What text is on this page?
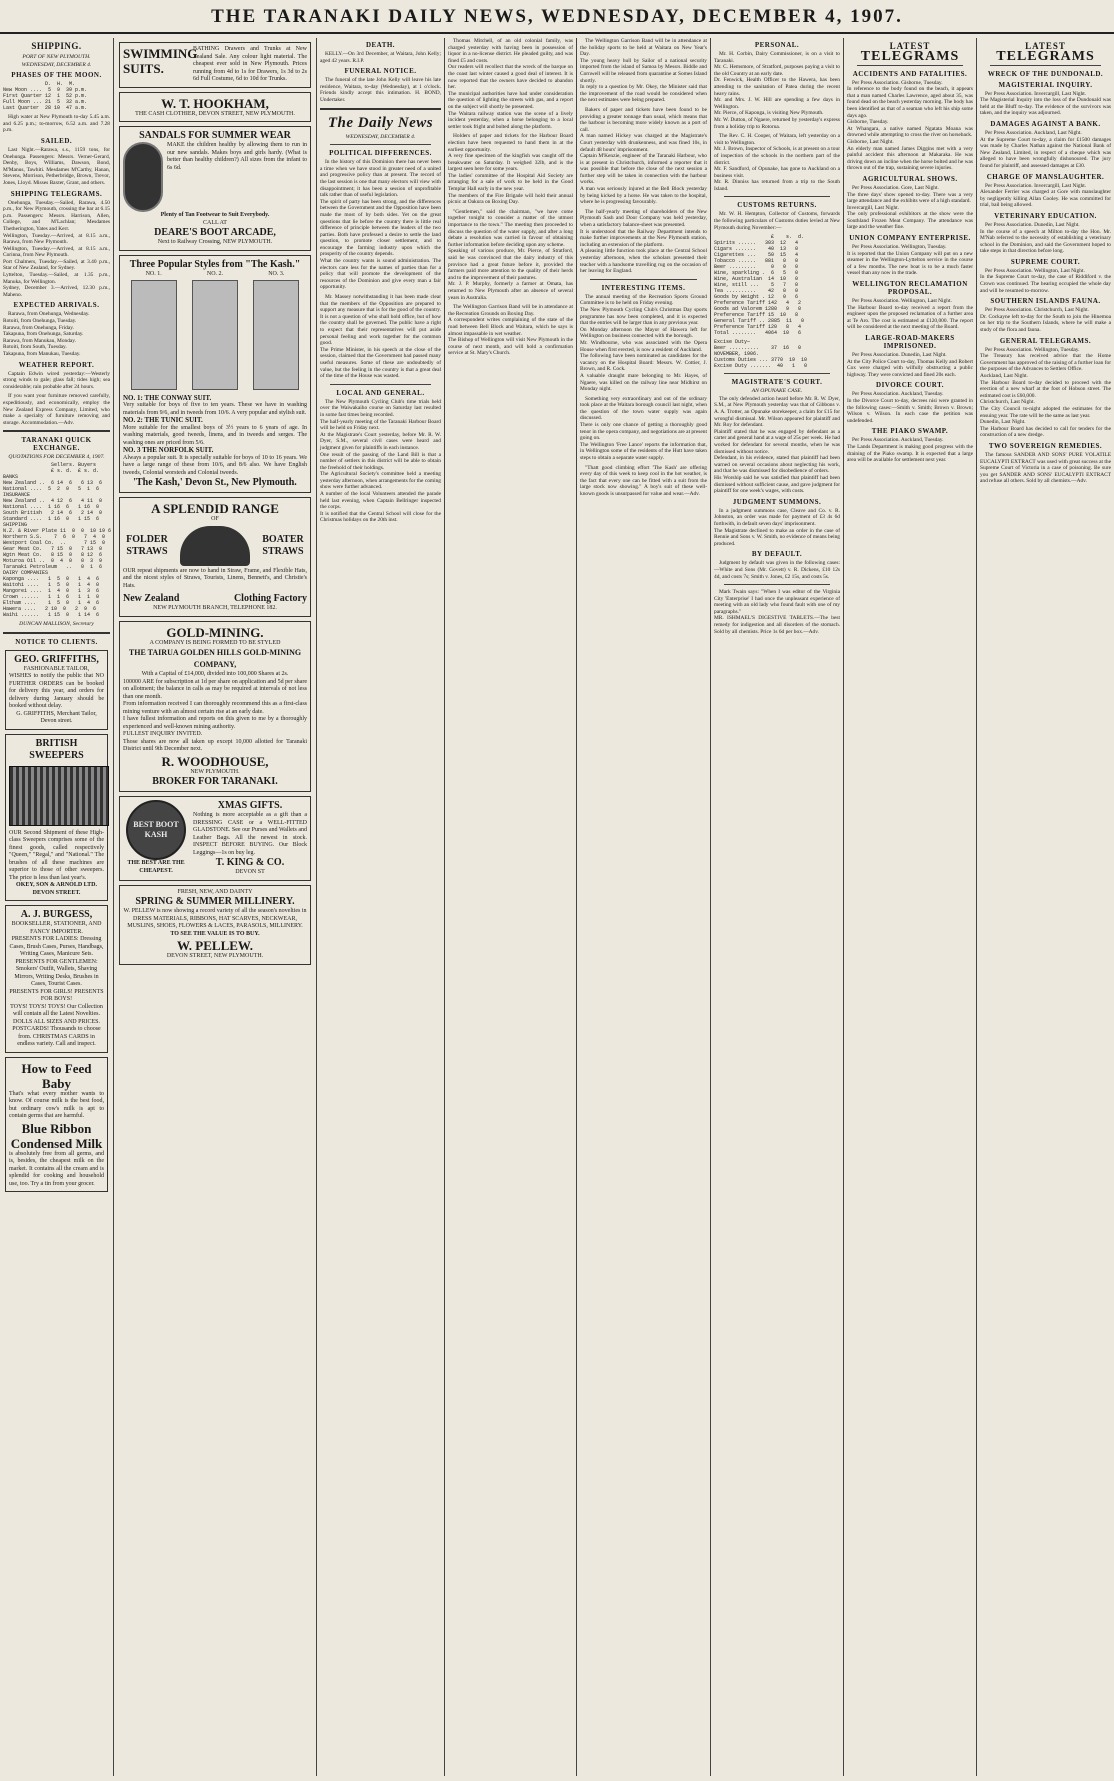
THE TARANAKI DAILY NEWS, WEDNESDAY, DECEMBER 4, 1907.
SHIPPING.
PORT OF NEW PLYMOUTH.
WEDNESDAY, DECEMBER 4.
PHASES OF THE MOON.
D.  H.  M.
New Moon ....  5  9  39 p.m.
First Quarter 12  1  52 p.m.
Full Moon ... 21  5  32 a.m.
Last Quarter  28 10  47 a.m.
High water at New Plymouth to-day 5.45 a.m. and 6.25 p.m.; to-morrow, 6.52 a.m. and 7.28 p.m.
SAILED.
Last Night.—Rarawa, s.s., 1159 tons, for Onehunga. Passengers: Messrs. Verner-Gerard, Denby, Boys, Williams, Dawson, Bond, M'Manus, Tawhiti. Mesdames M'Carthy, Hanan, Stevens, Morrison, Petherbridge, Brown, Trevor, Jones, Lloyd. Misses Baxter, Grant, and others.
SHIPPING TELEGRAMS.
Onehunga, Tuesday.—Sailed, Rarawa, 4.50 p.m., for New Plymouth, crossing the bar at 6.15 p.m. Passengers: Messrs. Harrison, Allen, College, and M'Lachlan; Mesdames Thetherington, Yates and Kerr.
Wellington, Tuesday.—Arrived, at 8.15 a.m., Rarawa, from New Plymouth.
Wellington, Tuesday.—Arrived, at 8.15 a.m., Corinna, from New Plymouth.
Port Chalmers, Tuesday.—Sailed, at 3.40 p.m., Star of New Zealand, for Sydney.
Lyttelton, Tuesday.—Sailed, at 1.35 p.m., Manuka, for Wellington.
Sydney, December 3.—Arrived, 12.30 p.m., Maheno.
EXPECTED ARRIVALS.
Rarawa, from Onehunga, Wednesday.
Rotoiti, from Onehunga, Tuesday.
Rarawa, from Onehunga, Friday.
Takapuna, from Onehunga, Saturday.
Rarawa, from Manukau, Monday.
Rotoiti, from South, Tuesday.
Takapuna, from Manukau, Tuesday.
WEATHER REPORT.
Captain Edwin wired yesterday:—Westerly strong winds to gale; glass fall; tides high; sea considerable; rain probable after 24 hours.
If you want your furniture removed carefully, expeditiously, and economically, employ the New Zealand Express Company, Limited, who make a specialty of furniture removing and storage. Accommodation.—Adv.
TARANAKI QUICK EXCHANGE.
QUOTATIONS FOR DECEMBER 4, 1907.
Sellers. Buyers
£ s. d.  £ s. d.
BANKS
New Zealand ..  6 14  6   6 13  6
National ....  5  2  0   5  1  6
INSURANCE
New Zealand ..  4 12  6   4 11  0
National ....  1 16  6   1 16  0
South British   2 14  6   2 14  0
Standard ....  1 16  0   1 15  6
SHIPPING
N.Z. & River Plate 11  0  0  10 19 6
Northern S.S.    7  6  0   7  4  0
Westport Coal Co.  ..      7 15  0
Gear Meat Co.   7 15  0   7 13  0
Wgtn Meat Co.   8 15  0   8 12  6
Moturoa Oil ..  0  4  0   0  3  9
Taranaki Petroleum   ..   0  1  6
DAIRY COMPANIES
Kaponga ....   1  5  0   1  4  6
Waitohi ....   1  5  0   1  4  0
Mangorei ....  1  4  0   1  3  6
Crown ......   1  1  6   1  1  0
Eltham ....    1  5  0   1  4  6
Hawera ....   2 10  0   2  9  6
Waihi ......   1 15  0   1 14  6
DUNCAN MALLISON, Secretary
NOTICE TO CLIENTS.
GEO. GRIFFITHS,
FASHIONABLE TAILOR,
WISHES to notify the public that NO FURTHER ORDERS can be booked for delivery this year, and orders for delivery during January should be booked without delay.
G. GRIFFITHS, Merchant Tailor, Devon street.
BRITISH SWEEPERS
OUR Second Shipment of these High-class Sweepers comprises some of the finest goods, called respectively "Queen," "Regal," and "National." The brushes of all these machines are superior to those of other sweepers. The price is less than last year's.
OKEY, SON & ARNOLD LTD. DEVON STREET.
A. J. BURGESS,
BOOKSELLER, STATIONER, AND FANCY IMPORTER.
PRESENTS FOR LADIES: Dressing Cases, Brush Cases, Purses, Handbags, Writing Cases, Manicure Sets.
PRESENTS FOR GENTLEMEN: Smokers' Outfit, Wallets, Shaving Mirrors, Writing Desks, Brushes in Cases, Tourist Cases.
PRESENTS FOR GIRLS! PRESENTS FOR BOYS!
TOYS! TOYS! TOYS! Our Collection will contain all the Latest Novelties. DOLLS ALL SIZES AND PRICES. POSTCARDS! Thousands to choose from. CHRISTMAS CARDS in endless variety. Call and inspect.
How to Feed Baby
That's what every mother wants to know. Of course milk is the best food, but ordinary cow's milk is apt to contain germs that are harmful.
Blue Ribbon Condensed Milk
is absolutely free from all germs, and is, besides, the cheapest milk on the market. It contains all the cream and is splendid for cooking and household use, too. Try a tin from your grocer.
SWIMMING SUITS.
BATHING Drawers and Trunks at New Zealand Sale. Any colour light material. The cheapest ever sold in New Plymouth. Prices running from 4d to 1s for Drawers, 1s 3d to 2s 6d Full Costume, 6d to 10d for Trunks.
W. T. HOOKHAM,
THE CASH CLOTHIER, DEVON STREET, NEW PLYMOUTH.
SANDALS FOR SUMMER WEAR
MAKE the children healthy by allowing them to run in our new sandals. Makes boys and girls hardy. (What is better than healthy children?) All sizes from the infant to 6s 6d.
Plenty of Tan Footwear to Suit Everybody.
CALL AT
DEARE'S BOOT ARCADE,
Next to Railway Crossing, NEW PLYMOUTH.
Three Popular Styles from "The Kash."
NO. 1.	NO. 2.	NO. 3.
NO. 1: THE CONWAY SUIT.
Very suitable for boys of five to ten years. These we have in washing materials from 9/6, and in tweeds from 10/6. A very popular and stylish suit.
NO. 2: THE TUNIC SUIT.
More suitable for the smallest boys of 3½ years to 6 years of age. In washing materials, good tweeds, linens, and in tweeds and serges. The washing ones are priced from 5/6.
NO. 3 THE NORFOLK SUIT.
Always a popular suit. It is specially suitable for boys of 10 to 16 years. We have a large range of these from 10/6, and 8/6 also. We have English tweeds, Colonial worsteds and Colonial tweeds.
'The Kash,' Devon St., New Plymouth.
A SPLENDID RANGE
OF
FOLDER STRAWS
BOATER STRAWS
OUR repeat shipments are now to hand in Straw, Frame, and Flexible Hats, and the nicest styles of Straws, Tourists, Linens, Bennett's, and Christie's Hats.
New Zealand	Clothing Factory
NEW PLYMOUTH BRANCH, TELEPHONE 182.
GOLD-MINING.
A COMPANY IS BEING FORMED TO BE STYLED
THE TAIRUA GOLDEN HILLS GOLD-MINING COMPANY,
With a Capital of £14,000, divided into 100,000 Shares at 2s.
100000 ARE for subscription at 1d per share on application and 5d per share on allotment; the balance in calls as may be required at intervals of not less than one month.
From information received I can thoroughly recommend this as a first-class mining venture with an almost certain rise at an early date.
I have fullest information and reports on this given to me by a thoroughly experienced and well-known mining authority.
FULLEST INQUIRY INVITED.
Those shares are now all taken up except 10,000 allotted for Taranaki District until 9th December next.
R. WOODHOUSE,
NEW PLYMOUTH.
BROKER FOR TARANAKI.
BEST BOOT KASH
THE BEST ARE THE CHEAPEST.
XMAS GIFTS.
Nothing is more acceptable as a gift than a DRESSING CASE or a WELL-FITTED GLADSTONE. See our Purses and Wallets and Leather Bags. All the newest in stock. INSPECT BEFORE BUYING. Our Block Leggings—1s on buy leg.
T. KING & CO.
DEVON ST
FRESH, NEW, AND DAINTY
SPRING & SUMMER MILLINERY.
W. PELLEW is now showing a record variety of all the season's novelties in
DRESS MATERIALS, RIBBONS, HAT SCARVES, NECKWEAR, MUSLINS, SHOES, FLOWERS & LACES, PARASOLS, MILLINERY.
TO SEE THE VALUE IS TO BUY.
W. PELLEW.
DEVON STREET, NEW PLYMOUTH.
DEATH.
KELLY.—On 3rd December, at Waitara, John Kelly; aged 42 years. R.I.P.
FUNERAL NOTICE.
The funeral of the late John Kelly will leave his late residence, Waitara, to-day (Wednesday), at 1 o'clock. Friends kindly accept this intimation. H. BOND, Undertaker.
The Daily News
WEDNESDAY, DECEMBER 4.
POLITICAL DIFFERENCES.
In the history of this Dominion there has never been a time when we have stood in greater need of a united and progressive policy than at present. The record of the last session is one that many electors will view with disappointment; it has been a session of unprofitable talk rather than of useful legislation.
The spirit of party has been strong, and the differences between the Government and the Opposition have been made the most of by both sides. Yet on the great questions that lie before the country there is little real difference of principle between the leaders of the two parties. Both have professed a desire to settle the land question, to promote closer settlement, and to encourage the farming industry upon which the prosperity of the country depends.
What the country wants is sound administration. The electors care less for the names of parties than for a policy that will promote the development of the resources of the Dominion and give every man a fair opportunity.
Mr. Massey notwithstanding it has been made clear that the members of the Opposition are prepared to support any measure that is for the good of the country. It is not a question of who shall hold office, but of how the country shall be governed. The public have a right to expect that their representatives will put aside personal feeling and work together for the common good.
The Prime Minister, in his speech at the close of the session, claimed that the Government had passed many useful measures. Some of these are undoubtedly of value, but the feeling in the country is that a great deal of the time of the House was wasted.
LOCAL AND GENERAL.
The New Plymouth Cycling Club's time trials held over the Waiwakaiho course on Saturday last resulted in some fast times being recorded.
The half-yearly meeting of the Taranaki Harbour Board will be held on Friday next.
At the Magistrate's Court yesterday, before Mr. R. W. Dyer, S.M., several civil cases were heard and judgment given for plaintiffs in each instance.
One result of the passing of the Land Bill is that a number of settlers in this district will be able to obtain the freehold of their holdings.
The Agricultural Society's committee held a meeting yesterday afternoon, when arrangements for the coming show were further advanced.
A number of the local Volunteers attended the parade held last evening, when Captain Bellringer inspected the corps.
It is notified that the Central School will close for the Christmas holidays on the 20th inst.
Thomas Mitchell, of an old colonial family, was charged yesterday with having been in possession of liquor in a no-license district. He pleaded guilty, and was fined £5 and costs.
Our readers will recollect that the wreck of the barque on the coast last winter caused a good deal of interest. It is now reported that the owners have decided to abandon her.
The municipal authorities have had under consideration the question of lighting the streets with gas, and a report on the subject will shortly be presented.
The Waitara railway station was the scene of a lively incident yesterday, when a horse belonging to a local settler took fright and bolted along the platform.
Holders of paper and tickets for the Harbour Board election have been requested to hand them in at the earliest opportunity.
A very fine specimen of the kingfish was caught off the breakwater on Saturday. It weighed 32lb, and is the largest seen here for some years.
The ladies' committee of the Hospital Aid Society are arranging for a sale of work to be held in the Good Templar Hall early in the new year.
The members of the Fire Brigade will hold their annual picnic at Oakura on Boxing Day.
"Gentlemen," said the chairman, "we have come together tonight to consider a matter of the utmost importance to the town." The meeting then proceeded to discuss the question of the water supply, and after a long debate a resolution was carried in favour of obtaining further information before deciding upon any scheme.
Speaking of various produce, Mr. Pierce, of Stratford, said he was convinced that the dairy industry of this province had a great future before it, provided the farmers paid more attention to the quality of their herds and to the improvement of their pastures.
Mr. J. P. Murphy, formerly a farmer at Omata, has returned to New Plymouth after an absence of several years in Australia.
The Wellington Garrison Band will be in attendance at the Recreation Grounds on Boxing Day.
A correspondent writes complaining of the state of the road between Bell Block and Waitara, which he says is almost impassable in wet weather.
The Bishop of Wellington will visit New Plymouth in the course of next month, and will hold a confirmation service at St. Mary's Church.
The Wellington Garrison Band will be in attendance at the holiday sports to be held at Waitara on New Year's Day.
The young heavy hull by Sailor of a national security imported from the island of Samoa by Messrs. Biddle and Cornwell will be released from quarantine at Somes Island shortly.
In reply to a question by Mr. Okey, the Minister said that the improvement of the road would be considered when the next estimates were being prepared.
Bakers of paper and tickets have been found to be providing a greater tonnage than usual, which means that the harbour is becoming more widely known as a port of call.
A man named Hickey was charged at the Magistrate's Court yesterday with drunkenness, and was fined 10s, in default 48 hours' imprisonment.
Captain M'Kenzie, engineer of the Taranaki Harbour, who is at present in Christchurch, informed a reporter that it was possible that before the close of the next session a further step will be taken in connection with the harbour works.
A man was seriously injured at the Bell Block yesterday by being kicked by a horse. He was taken to the hospital, where he is progressing favourably.
The half-yearly meeting of shareholders of the New Plymouth Sash and Door Company was held yesterday, when a satisfactory balance-sheet was presented.
It is understood that the Railway Department intends to make further improvements at the New Plymouth station, including an extension of the platform.
A pleasing little function took place at the Central School yesterday afternoon, when the scholars presented their teacher with a handsome travelling rug on the occasion of her leaving for England.
INTERESTING ITEMS.
The annual meeting of the Recreation Sports Ground Committee is to be held on Friday evening.
The New Plymouth Cycling Club's Christmas Day sports programme has now been completed, and it is expected that the entries will be larger than in any previous year.
On Monday afternoon the Mayor of Hawera left for Wellington on business connected with the borough.
Mr. Windbourne, who was associated with the Opera House when first erected, is now a resident of Auckland.
The following have been nominated as candidates for the vacancy on the Hospital Board: Messrs. W. Cottier, J. Brown, and R. Cock.
A valuable draught mare belonging to Mr. Hayes, of Ngaere, was killed on the railway line near Midhirst on Monday night.
Something very extraordinary and out of the ordinary took place at the Waitara borough council last night, when the question of the town water supply was again discussed.
There is only one chance of getting a thoroughly good tenor in the opera company, and negotiations are at present going on.
The Wellington 'Free Lance' reports the information that, in Wellington some of the residents of the Hutt have taken steps to obtain a separate water supply.
"Thatt good climbing effort 'The Kash' are offering every day of this week to keep cool in the hot weather, is the fact that every one can be fitted with a suit from the large stock now showing." A boy's suit of these well-known goods is unsurpassed for value and wear.—Adv.
PERSONAL.
Mr. H. Corbin, Dairy Commissioner, is on a visit to Taranaki.
Mr. C. Hemsmore, of Stratford, purposes paying a visit to the old Country at an early date.
Dr. Fenwick, Health Officer to the Hawera, has been attending to the sanitation of Patea during the recent heavy rains.
Mr. and Mrs. J. W. Hill are spending a few days in Wellington.
Mr. Pierce, of Kaponga, is visiting New Plymouth.
Mr. W. Dutton, of Ngaere, returned by yesterday's express from a holiday trip to Rotorua.
The Rev. C. H. Cooper, of Waitara, left yesterday on a visit to Wellington.
Mr. J. Brown, Inspector of Schools, is at present on a tour of inspection of the schools in the northern part of the district.
Mr. F. Sandford, of Opunake, has gone to Auckland on a business visit.
Mr. R. Dinniss has returned from a trip to the South Island.
CUSTOMS RETURNS.
Mr. W. H. Hempton, Collector of Customs, forwards the following particulars of Customs duties levied at New Plymouth during November:—
£    s.  d.
Spirits ......   303  12   4
Cigars .......    40  13   0
Cigarettes ...    50  15   4
Tobacco ......   881   0   0
Beer .........     0   0   0
Wine, sparkling .  6   5   0
Wine, Australian  14  10   0
Wine, still ...    5   7   0
Tea ..........    42   0   0
Goods by Weight . 12   0   6
Preference Tariff 142   4   2
Goods ad Valorem 1280   9   0
Preference Tariff 15  10   8
General Tariff .. 2885  11   0
Preference Tariff 120   8   4
Total ........   4064  10   6
Excise Duty—
Beer ..........    37  16   0
NOVEMBER, 1906.
Customs Duties ... 3770  19  10
Excise Duty .......  40   1   0
MAGISTRATE'S COURT.
AN OPUNAKE CASE.
The only defended action heard before Mr. R. W. Dyer, S.M., at New Plymouth yesterday was that of Gibbons v. A. A. Trotter, an Opunake storekeeper, a claim for £15 for wrongful dismissal. Mr. Wilson appeared for plaintiff and Mr. Roy for defendant.
Plaintiff stated that he was engaged by defendant as a carter and general hand at a wage of 25s per week. He had worked for defendant for several months, when he was dismissed without notice.
Defendant, in his evidence, stated that plaintiff had been warned on several occasions about neglecting his work, and that he was dismissed for disobedience of orders.
His Worship said he was satisfied that plaintiff had been dismissed without sufficient cause, and gave judgment for plaintiff for one week's wages, with costs.
JUDGMENT SUMMONS.
In a judgment summons case, Cleave and Co. v. R. Johnston, an order was made for payment of £3 4s 6d forthwith, in default seven days' imprisonment.
The Magistrate declined to make an order in the case of Rennie and Sons v. W. Smith, no evidence of means being produced.
BY DEFAULT.
Judgment by default was given in the following cases:—White and Sons (Mr. Govett) v. R. Dickens, £10 12s 4d, and costs 7s; Smith v. Jones, £2 15s, and costs 5s.
Mark Twain says: "When I was editor of the Virginia City 'Enterprise' I had once the unpleasant experience of meeting with an old lady who found fault with one of my paragraphs."
MR. ISHMAEL'S DIGESTIVE TABLETS.—The best remedy for indigestion and all disorders of the stomach. Sold by all chemists. Price 1s 6d per box.—Adv.
LATEST
TELEGRAMS
ACCIDENTS AND FATALITIES.
Per Press Association. Gisborne, Tuesday.
In reference to the body found on the beach, it appears that a man named Charles Lawrence, aged about 35, was found dead on the beach yesterday morning. The body has been identified as that of a seaman who left his ship some days ago.
Gisborne, Tuesday.
At Whangara, a native named Ngatata Moana was drowned while attempting to cross the river on horseback.
Gisborne, Last Night.
An elderly man named James Diggins met with a very painful accident this afternoon at Makaraka. He was driving down an incline when the horse bolted and he was thrown out of the trap, sustaining severe injuries.
AGRICULTURAL SHOWS.
Per Press Association. Gore, Last Night.
The three days' show opened to-day. There was a very large attendance and the exhibits were of a high standard.
Invercargill, Last Night.
The only professional exhibitors at the show were the Southland Frozen Meat Company. The attendance was large and the weather fine.
UNION COMPANY ENTERPRISE.
Per Press Association. Wellington, Tuesday.
It is reported that the Union Company will put on a new steamer in the Wellington-Lyttelton service in the course of a few months. The new boat is to be a much faster vessel than any now in the trade.
WELLINGTON RECLAMATION PROPOSAL.
Per Press Association. Wellington, Last Night.
The Harbour Board to-day received a report from the engineer upon the proposed reclamation of a further area at Te Aro. The cost is estimated at £120,000. The report will be considered at the next meeting of the Board.
LARGE-ROAD-MAKERS IMPRISONED.
Per Press Association. Dunedin, Last Night.
At the City Police Court to-day, Thomas Kelly and Robert Cox were charged with wilfully obstructing a public highway. They were convicted and fined 20s each.
DIVORCE COURT.
Per Press Association. Auckland, Tuesday.
In the Divorce Court to-day, decrees nisi were granted in the following cases:—Smith v. Smith; Brown v. Brown; Wilson v. Wilson. In each case the petition was undefended.
THE PIAKO SWAMP.
Per Press Association. Auckland, Tuesday.
The Lands Department is making good progress with the draining of the Piako swamp. It is expected that a large area will be available for settlement next year.
LATEST
TELEGRAMS
WRECK OF THE DUNDONALD.
MAGISTERIAL INQUIRY.
Per Press Association. Invercargill, Last Night.
The Magisterial Inquiry into the loss of the Dundonald was held at the Bluff to-day. The evidence of the survivors was taken, and the inquiry was adjourned.
DAMAGES AGAINST A BANK.
Per Press Association. Auckland, Last Night.
At the Supreme Court to-day, a claim for £1500 damages was made by Charles Nathan against the National Bank of New Zealand, Limited, in respect of a cheque which was alleged to have been wrongfully dishonoured. The jury found for plaintiff, and assessed damages at £30.
CHARGE OF MANSLAUGHTER.
Per Press Association. Invercargill, Last Night.
Alexander Ferrier was charged at Gore with manslaughter by negligently killing Allan Cooley. He was committed for trial, bail being allowed.
VETERINARY EDUCATION.
Per Press Association. Dunedin, Last Night.
In the course of a speech at Milton to-day the Hon. Mr. M'Nab referred to the necessity of establishing a veterinary school in the Dominion, and said the Government hoped to take steps in that direction before long.
SUPREME COURT.
Per Press Association. Wellington, Last Night.
In the Supreme Court to-day, the case of Riddiford v. the Crown was continued. The hearing occupied the whole day and will be resumed to-morrow.
SOUTHERN ISLANDS FAUNA.
Per Press Association. Christchurch, Last Night.
Dr. Cockayne left to-day for the South to join the Hinemoa on her trip to the Southern Islands, where he will make a study of the flora and fauna.
GENERAL TELEGRAMS.
Per Press Association. Wellington, Tuesday.
The Treasury has received advice that the Home Government has approved of the raising of a further loan for the purposes of the Advances to Settlers Office.
Auckland, Last Night.
The Harbour Board to-day decided to proceed with the erection of a new wharf at the foot of Hobson street. The estimated cost is £60,000.
Christchurch, Last Night.
The City Council to-night adopted the estimates for the ensuing year. The rate will be the same as last year.
Dunedin, Last Night.
The Harbour Board has decided to call for tenders for the construction of a new dredge.
TWO SOVEREIGN REMEDIES.
The famous SANDER AND SONS' PURE VOLATILE EUCALYPTI EXTRACT was used with great success at the Supreme Court of Victoria in a case of poisoning. Be sure you get SANDER AND SONS' EUCALYPTI EXTRACT and refuse all others. Sold by all chemists.—Adv.
